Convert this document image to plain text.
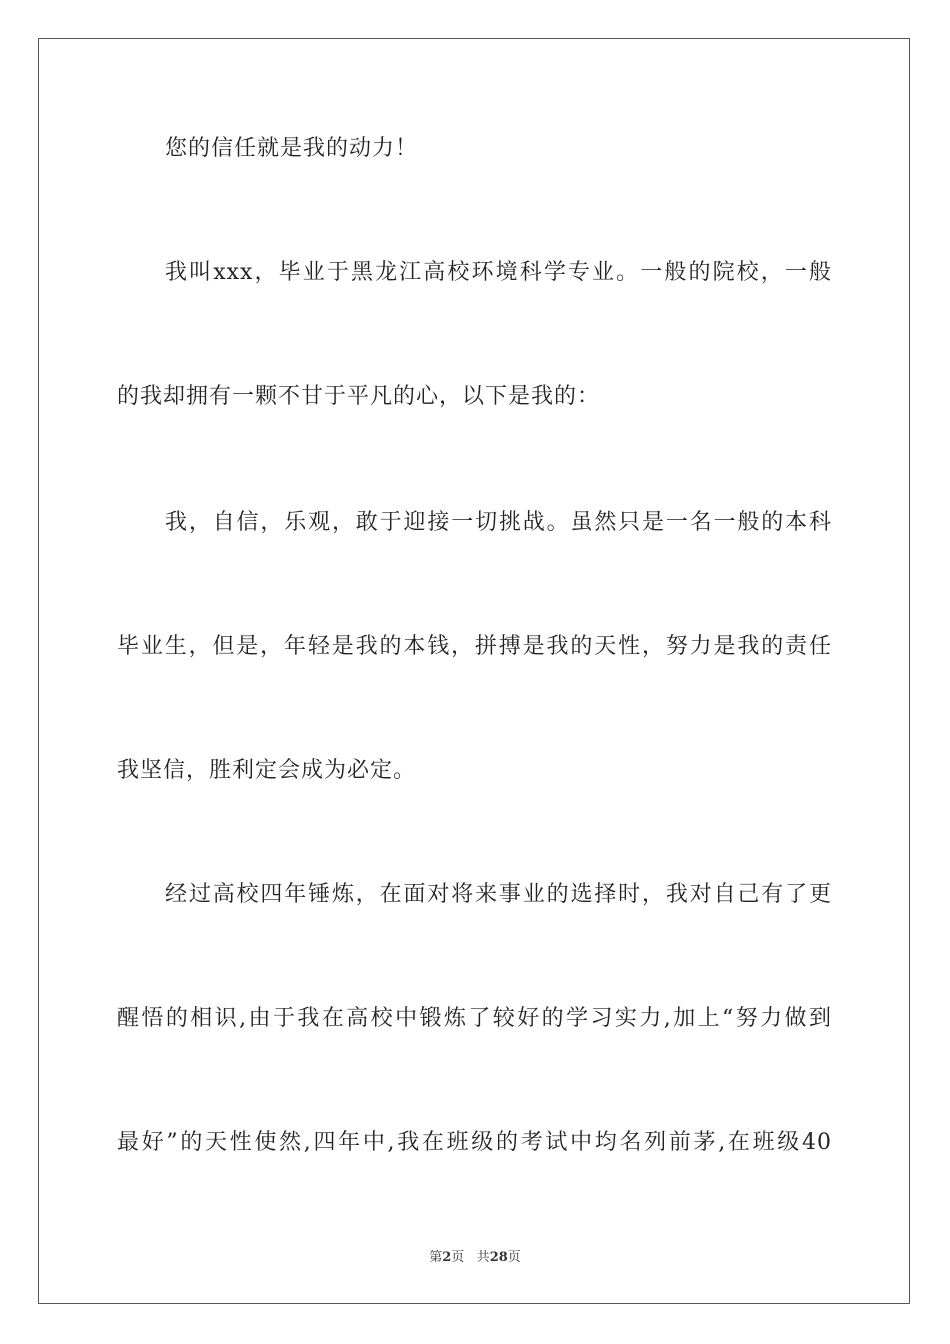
您的信任就是我的动力！
我叫xxx，毕业于黑龙江高校环境科学专业。一般的院校，一般
的我却拥有一颗不甘于平凡的心，以下是我的：
我，自信，乐观，敢于迎接一切挑战。虽然只是一名一般的本科
毕业生，但是，年轻是我的本钱，拼搏是我的天性，努力是我的责任
我坚信，胜利定会成为必定。
经过高校四年锤炼，在面对将来事业的选择时，我对自己有了更
醒悟的相识,由于我在高校中锻炼了较好的学习实力,加上“努力做到
最好”的天性使然,四年中,我在班级的考试中均名列前茅,在班级40
第2页 共28页
